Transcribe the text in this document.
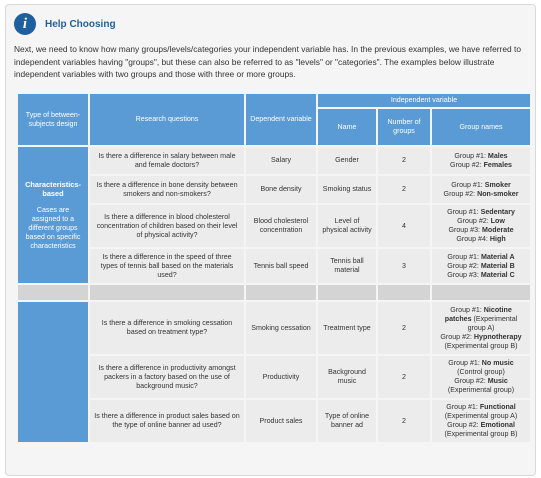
i Help Choosing
Next, we need to know how many groups/levels/categories your independent variable has. In the previous examples, we have referred to independent variables having "groups", but these can also be referred to as "levels" or "categories". The examples below illustrate independent variables with two groups and those with three or more groups.
Type of between-subjects design	Research questions	Dependent variable	Independent variable		
			Name	Number of groups	Group names

Characteristics-based
Cases are assigned to a different groups based on specific characteristics	Is there a difference in salary between male and female doctors?	Salary	Gender	2	Group #1: Males
Group #2: Females

	Is there a difference in bone density between smokers and non-smokers?	Bone density	Smoking status	2	Group #1: Smoker
Group #2: Non-smoker

	Is there a difference in blood cholesterol concentration of children based on their level of physical activity?	Blood cholesterol concentration	Level of physical activity	4	Group #1: Sedentary
Group #2: Low
Group #3: Moderate
Group #4: High

	Is there a difference in the speed of three types of tennis ball based on the materials used?	Tennis ball speed	Tennis ball material	3	Group #1: Material A
Group #2: Material B
Group #3: Material C

	Is there a difference in smoking cessation based on treatment type?	Smoking cessation	Treatment type	2	Group #1: Nicotine patches (Experimental group A)
Group #2: Hypnotherapy (Experimental group B)

	Is there a difference in productivity amongst packers in a factory based on the use of background music?	Productivity	Background music	2	Group #1: No music (Control group)
Group #2: Music (Experimental group)

	Is there a difference in product sales based on the type of online banner ad used?	Product sales	Type of online banner ad	2	Group #1: Functional (Experimental group A)
Group #2: Emotional (Experimental group B)
